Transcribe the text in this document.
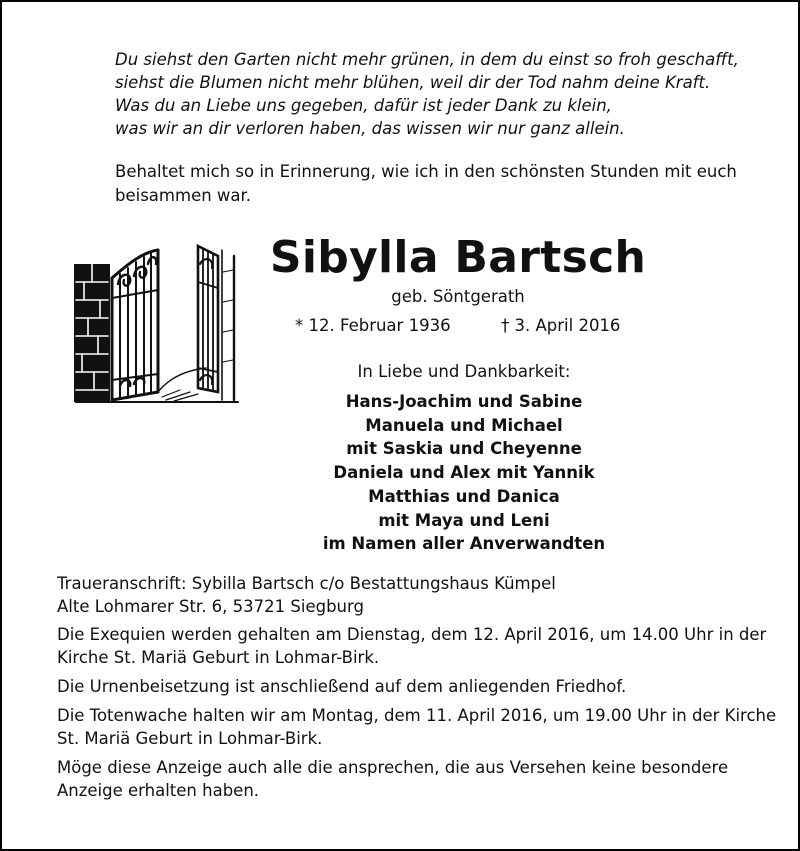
Du siehst den Garten nicht mehr grünen, in dem du einst so froh geschafft,
siehst die Blumen nicht mehr blühen, weil dir der Tod nahm deine Kraft.
Was du an Liebe uns gegeben, dafür ist jeder Dank zu klein,
was wir an dir verloren haben, das wissen wir nur ganz allein.
Behaltet mich so in Erinnerung, wie ich in den schönsten Stunden mit euch beisammen war.
Sibylla Bartsch
geb. Söntgerath
* 12. Februar 1936	† 3. April 2016
In Liebe und Dankbarkeit:
Hans-Joachim und Sabine
Manuela und Michael
mit Saskia und Cheyenne
Daniela und Alex mit Yannik
Matthias und Danica
mit Maya und Leni
im Namen aller Anverwandten

Traueranschrift: Sybilla Bartsch c/o Bestattungshaus Kümpel
Alte Lohmarer Str. 6, 53721 Siegburg

Die Exequien werden gehalten am Dienstag, dem 12. April 2016, um 14.00 Uhr in der Kirche St. Mariä Geburt in Lohmar-Birk.

Die Urnenbeisetzung ist anschließend auf dem anliegenden Friedhof.

Die Totenwache halten wir am Montag, dem 11. April 2016, um 19.00 Uhr in der Kirche St. Mariä Geburt in Lohmar-Birk.

Möge diese Anzeige auch alle die ansprechen, die aus Versehen keine besondere Anzeige erhalten haben.
